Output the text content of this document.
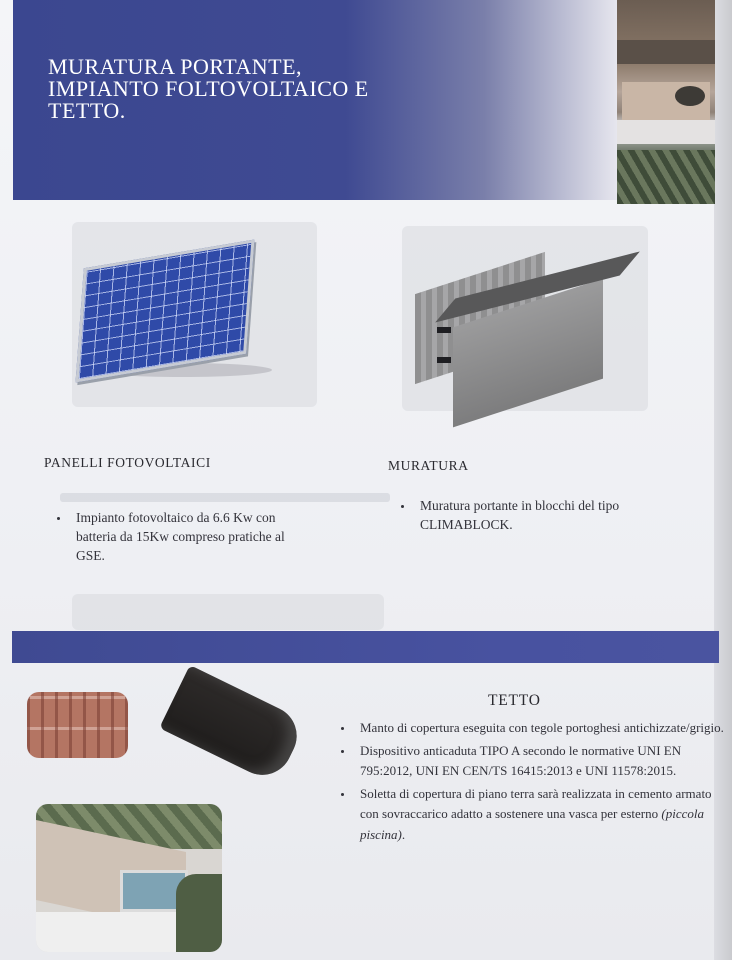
MURATURA PORTANTE,
IMPIANTO FOLTOVOLTAICO E
TETTO.
PANELLI FOTOVOLTAICI	MURATURA
• Impianto fotovoltaico da 6.6 Kw con batteria da 15Kw compreso pratiche al GSE.
• Muratura portante in blocchi del tipo CLIMABLOCK.
TETTO
• Manto di copertura eseguita con tegole portoghesi antichizzate/grigio.
• Dispositivo anticaduta TIPO A secondo le normative UNI EN 795:2012, UNI EN CEN/TS 16415:2013 e UNI 11578:2015.
• Soletta di copertura di piano terra sarà realizzata in cemento armato con sovraccarico adatto a sostenere una vasca per esterno (piccola piscina).
